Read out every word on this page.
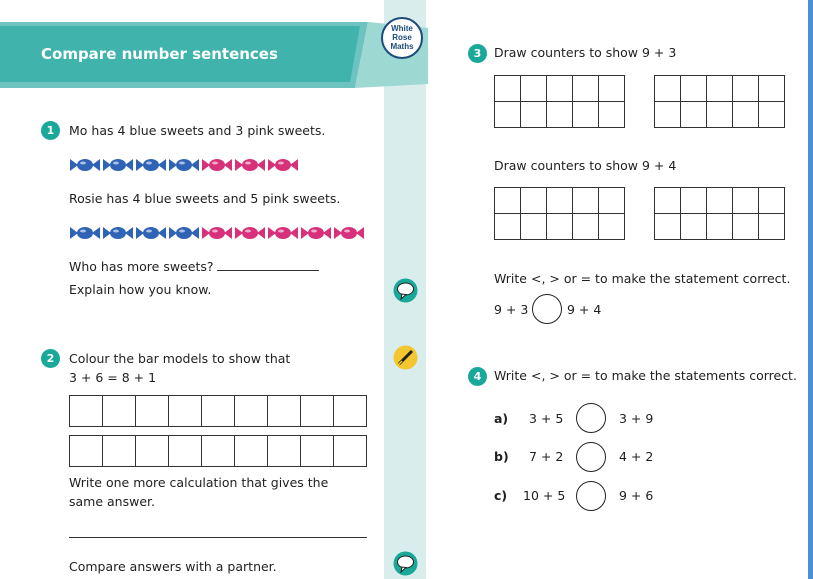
Compare number sentences
White
Rose
Maths
1	Mo has 4 blue sweets and 3 pink sweets.
Rosie has 4 blue sweets and 5 pink sweets.
Who has more sweets?
Explain how you know.
2	Colour the bar models to show that
3 + 6 = 8 + 1
Write one more calculation that gives the
same answer.
Compare answers with a partner.
3	Draw counters to show 9 + 3

Draw counters to show 9 + 4

Write <, > or = to make the statement correct.
9 + 3	9 + 4
4	Write <, > or = to make the statements correct.
a) 3 + 5	3 + 9
b) 7 + 2	4 + 2
c) 10 + 5	9 + 6
